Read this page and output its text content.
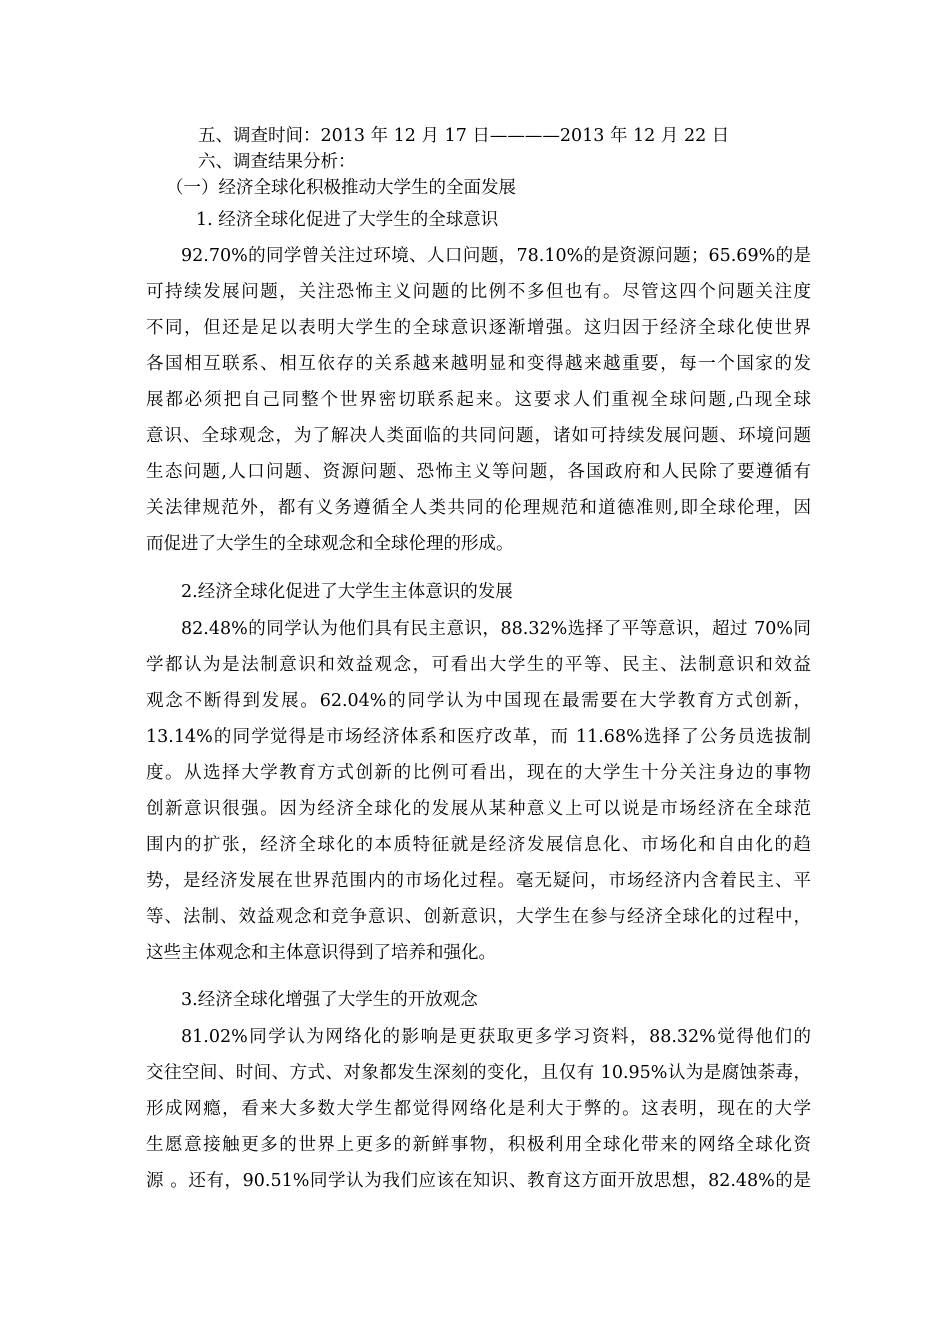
五、调查时间：2013 年 12 月 17 日————2013 年 12 月 22 日
六、调查结果分析：
（一）经济全球化积极推动大学生的全面发展
1. 经济全球化促进了大学生的全球意识
92.70%的同学曾关注过环境、人口问题，78.10%的是资源问题；65.69%的是
可持续发展问题，关注恐怖主义问题的比例不多但也有。尽管这四个问题关注度
不同，但还是足以表明大学生的全球意识逐渐增强。这归因于经济全球化使世界
各国相互联系、相互依存的关系越来越明显和变得越来越重要，每一个国家的发
展都必须把自己同整个世界密切联系起来。这要求人们重视全球问题,凸现全球
意识、全球观念，为了解决人类面临的共同问题，诸如可持续发展问题、环境问题
生态问题,人口问题、资源问题、恐怖主义等问题，各国政府和人民除了要遵循有
关法律规范外，都有义务遵循全人类共同的伦理规范和道德准则,即全球伦理，因
而促进了大学生的全球观念和全球伦理的形成。
2.经济全球化促进了大学生主体意识的发展
82.48%的同学认为他们具有民主意识，88.32%选择了平等意识，超过 70%同
学都认为是法制意识和效益观念，可看出大学生的平等、民主、法制意识和效益
观念不断得到发展。62.04%的同学认为中国现在最需要在大学教育方式创新，
13.14%的同学觉得是市场经济体系和医疗改革，而 11.68%选择了公务员选拔制
度。从选择大学教育方式创新的比例可看出，现在的大学生十分关注身边的事物
创新意识很强。因为经济全球化的发展从某种意义上可以说是市场经济在全球范
围内的扩张，经济全球化的本质特征就是经济发展信息化、市场化和自由化的趋
势，是经济发展在世界范围内的市场化过程。毫无疑问，市场经济内含着民主、平
等、法制、效益观念和竞争意识、创新意识，大学生在参与经济全球化的过程中，
这些主体观念和主体意识得到了培养和强化。
3.经济全球化增强了大学生的开放观念
81.02%同学认为网络化的影响是更获取更多学习资料，88.32%觉得他们的
交往空间、时间、方式、对象都发生深刻的变化，且仅有 10.95%认为是腐蚀荼毒，
形成网瘾，看来大多数大学生都觉得网络化是利大于弊的。这表明，现在的大学
生愿意接触更多的世界上更多的新鲜事物，积极利用全球化带来的网络全球化资
源 。还有，90.51%同学认为我们应该在知识、教育这方面开放思想，82.48%的是
